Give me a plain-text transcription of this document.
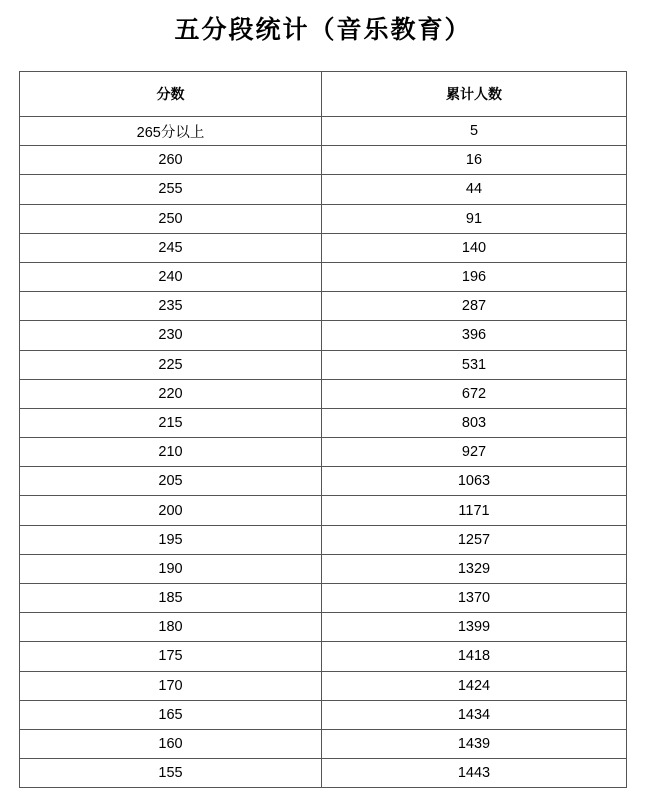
五分段统计（音乐教育）
分数	累计人数
265分以上	5
260	16
255	44
250	91
245	140
240	196
235	287
230	396
225	531
220	672
215	803
210	927
205	1063
200	1171
195	1257
190	1329
185	1370
180	1399
175	1418
170	1424
165	1434
160	1439
155	1443
